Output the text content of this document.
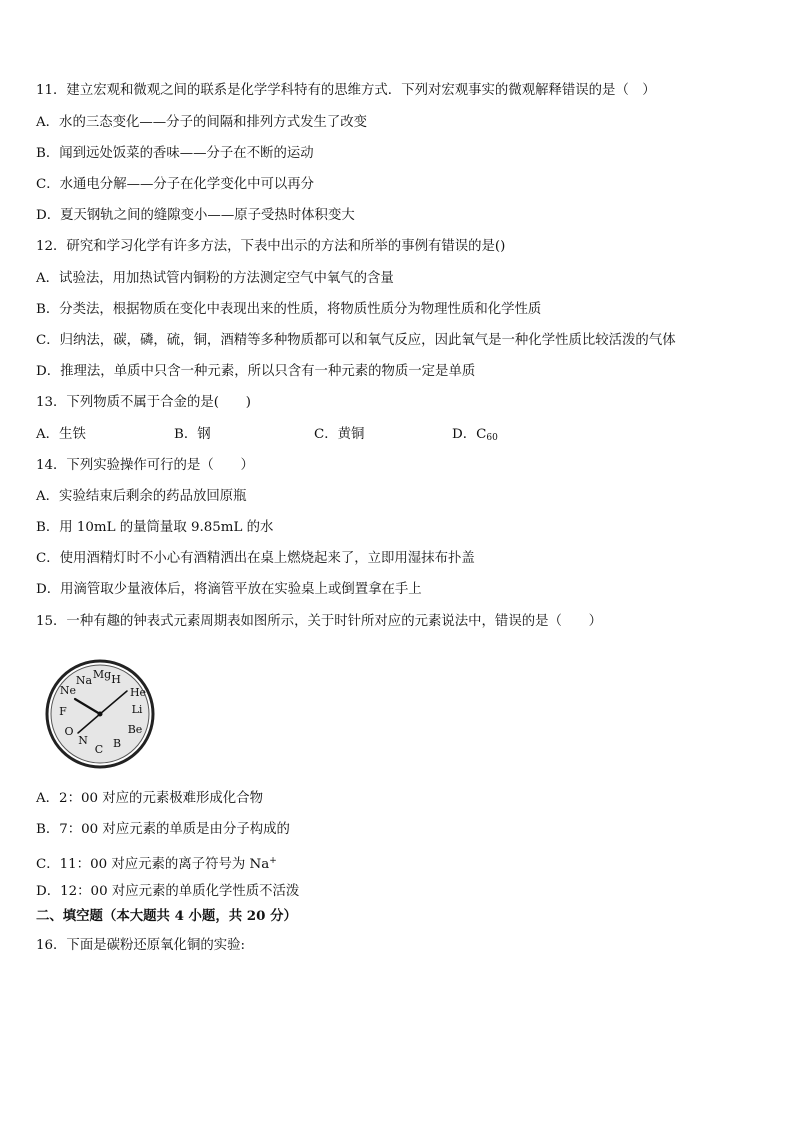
11．建立宏观和微观之间的联系是化学学科特有的思维方式．下列对宏观事实的微观解释错误的是（　）
A．水的三态变化——分子的间隔和排列方式发生了改变
B．闻到远处饭菜的香味——分子在不断的运动
C．水通电分解——分子在化学变化中可以再分
D．夏天钢轨之间的缝隙变小——原子受热时体积变大
12．研究和学习化学有许多方法，下表中出示的方法和所举的事例有错误的是()
A．试验法，用加热试管内铜粉的方法测定空气中氧气的含量
B．分类法，根据物质在变化中表现出来的性质，将物质性质分为物理性质和化学性质
C．归纳法，碳，磷，硫，铜，酒精等多种物质都可以和氧气反应，因此氧气是一种化学性质比较活泼的气体
D．推理法，单质中只含一种元素，所以只含有一种元素的物质一定是单质
13．下列物质不属于合金的是(　　)
A．生铁	B．钢	C．黄铜	D．$C_{60}$
14．下列实验操作可行的是（　　）
A．实验结束后剩余的药品放回原瓶
B．用 10mL 的量筒量取 9.85mL 的水
C．使用酒精灯时不小心有酒精洒出在桌上燃烧起来了，立即用湿抹布扑盖
D．用滴管取少量液体后，将滴管平放在实验桌上或倒置拿在手上
15．一种有趣的钟表式元素周期表如图所示，关于时针所对应的元素说法中，错误的是（　　）
H
He
Li
Be
B
C
N
O
F
Ne
Na Mg
A．2：00 对应的元素极难形成化合物
B．7：00 对应元素的单质是由分子构成的
C．11：00 对应元素的离子符号为 Na+
D．12：00 对应元素的单质化学性质不活泼
二、填空题（本大题共 4 小题，共 20 分）
16．下面是碳粉还原氧化铜的实验:
